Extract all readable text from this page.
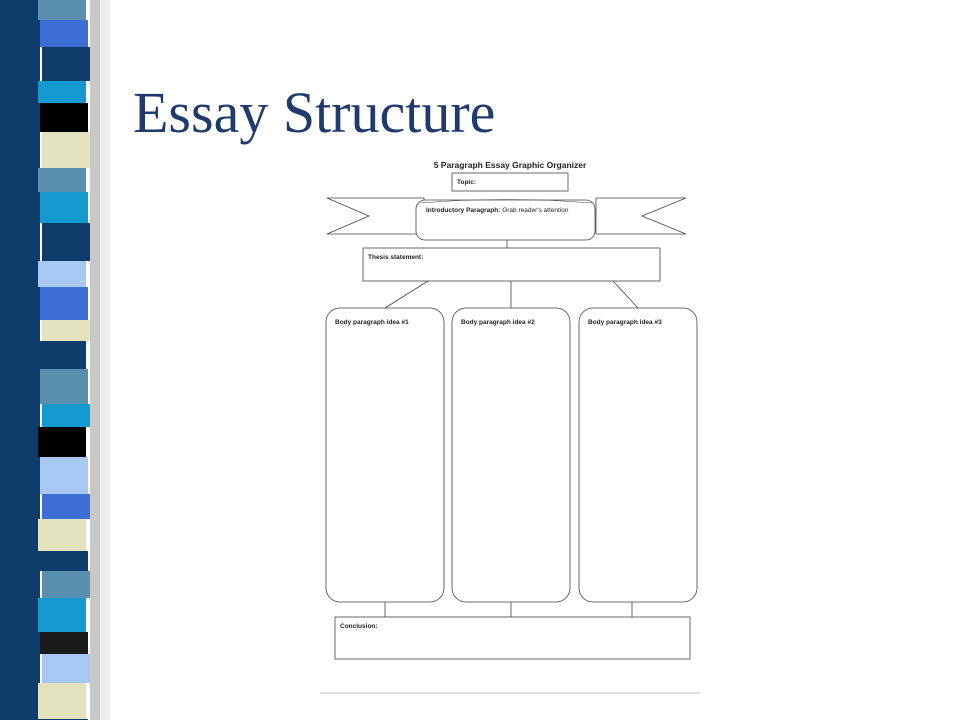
Essay Structure
5 Paragraph Essay Graphic Organizer
Topic:
Introductory Paragraph: Grab reader's attention
Thesis statement:
Body paragraph idea #1	Body paragraph idea #2	Body paragraph idea #3
Conclusion:
